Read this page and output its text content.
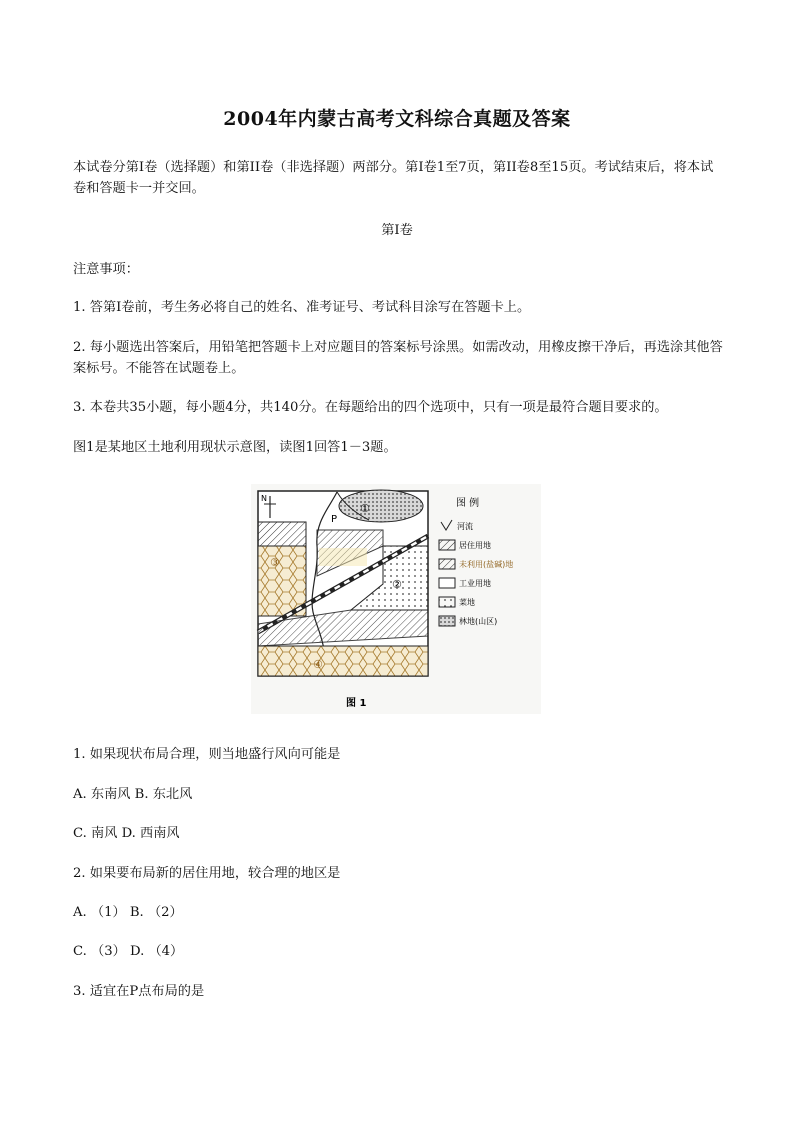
2004年内蒙古高考文科综合真题及答案

本试卷分第I卷（选择题）和第II卷（非选择题）两部分。第I卷1至7页，第II卷8至15页。考试结束后，将本试卷和答题卡一并交回。

第I卷

注意事项：

1. 答第I卷前，考生务必将自己的姓名、准考证号、考试科目涂写在答题卡上。

2. 每小题选出答案后，用铅笔把答题卡上对应题目的答案标号涂黑。如需改动，用橡皮擦干净后，再选涂其他答案标号。不能答在试题卷上。

3. 本卷共35小题，每小题4分，共140分。在每题给出的四个选项中，只有一项是最符合题目要求的。

图1是某地区土地利用现状示意图，读图1回答1－3题。

N
③
①
P
②
④
图 例
河流
居住用地
未利用(盐碱)地
工业用地
菜地
林地(山区)
图 1

1. 如果现状布局合理，则当地盛行风向可能是

A. 东南风 B. 东北风

C. 南风 D. 西南风

2. 如果要布局新的居住用地，较合理的地区是

A. （1） B. （2）

C. （3） D. （4）

3. 适宜在P点布局的是
